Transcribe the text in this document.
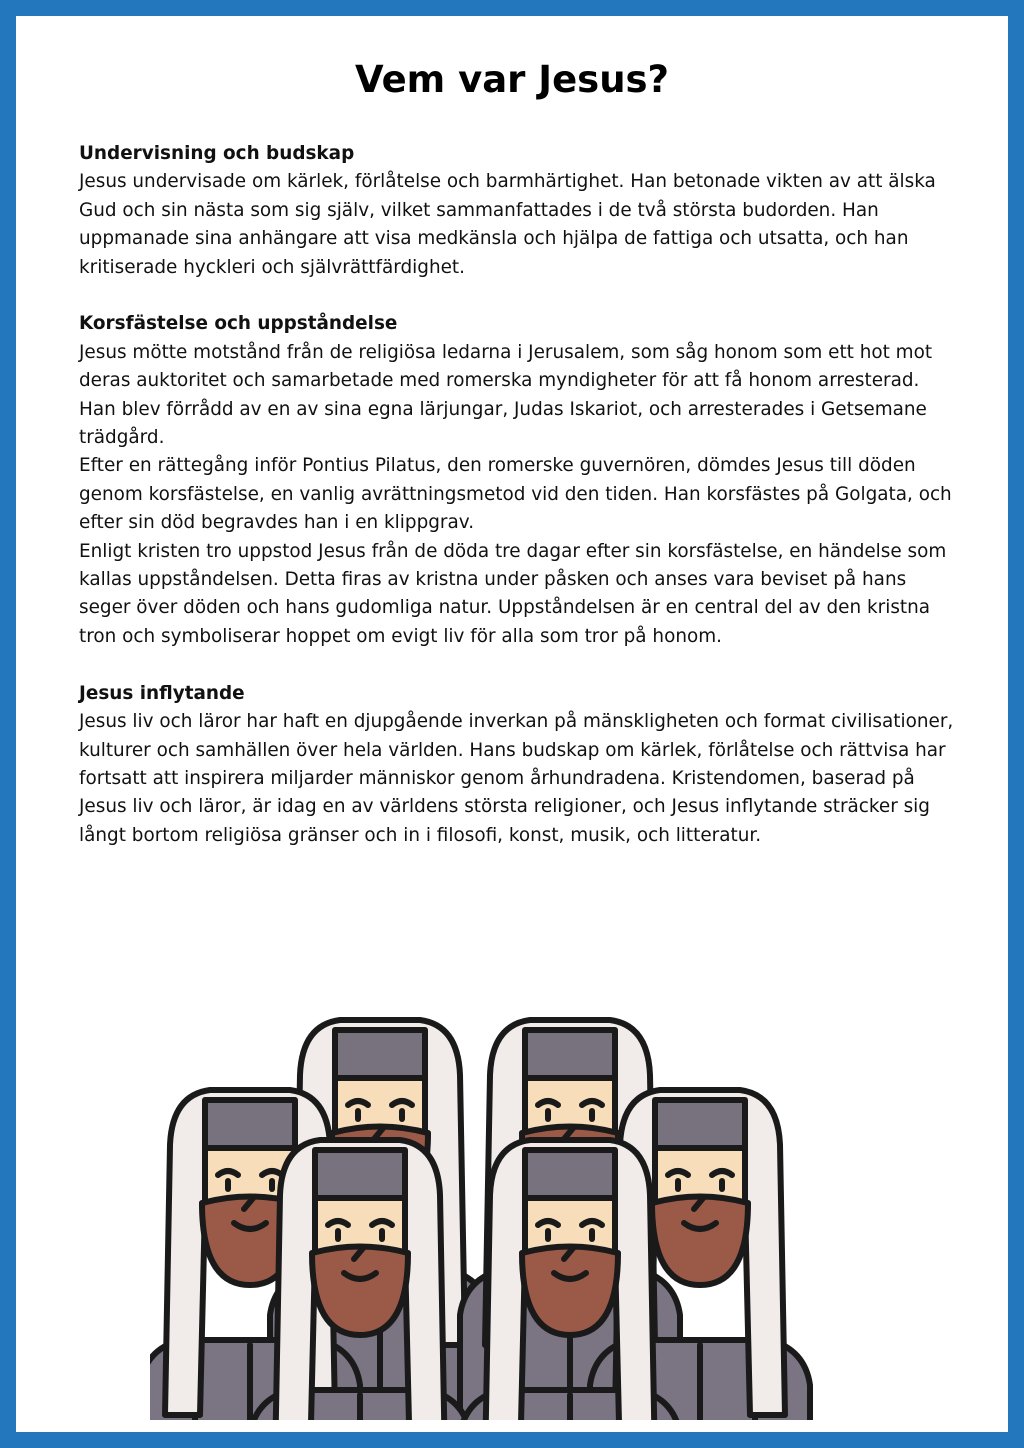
Vem var Jesus?
Undervisning och budskap
Jesus undervisade om kärlek, förlåtelse och barmhärtighet. Han betonade vikten av att älska Gud och sin nästa som sig själv, vilket sammanfattades i de två största budorden. Han uppmanade sina anhängare att visa medkänsla och hjälpa de fattiga och utsatta, och han kritiserade hyckleri och självrättfärdighet.
Korsfästelse och uppståndelse
Jesus mötte motstånd från de religiösa ledarna i Jerusalem, som såg honom som ett hot mot deras auktoritet och samarbetade med romerska myndigheter för att få honom arresterad. Han blev förrådd av en av sina egna lärjungar, Judas Iskariot, och arresterades i Getsemane trädgård.
Efter en rättegång inför Pontius Pilatus, den romerske guvernören, dömdes Jesus till döden genom korsfästelse, en vanlig avrättningsmetod vid den tiden. Han korsfästes på Golgata, och efter sin död begravdes han i en klippgrav.
Enligt kristen tro uppstod Jesus från de döda tre dagar efter sin korsfästelse, en händelse som kallas uppståndelsen. Detta firas av kristna under påsken och anses vara beviset på hans seger över döden och hans gudomliga natur. Uppståndelsen är en central del av den kristna tron och symboliserar hoppet om evigt liv för alla som tror på honom.
Jesus inflytande
Jesus liv och läror har haft en djupgående inverkan på mänskligheten och format civilisationer, kulturer och samhällen över hela världen. Hans budskap om kärlek, förlåtelse och rättvisa har fortsatt att inspirera miljarder människor genom århundradena. Kristendomen, baserad på Jesus liv och läror, är idag en av världens största religioner, och Jesus inflytande sträcker sig långt bortom religiösa gränser och in i filosofi, konst, musik, och litteratur.
